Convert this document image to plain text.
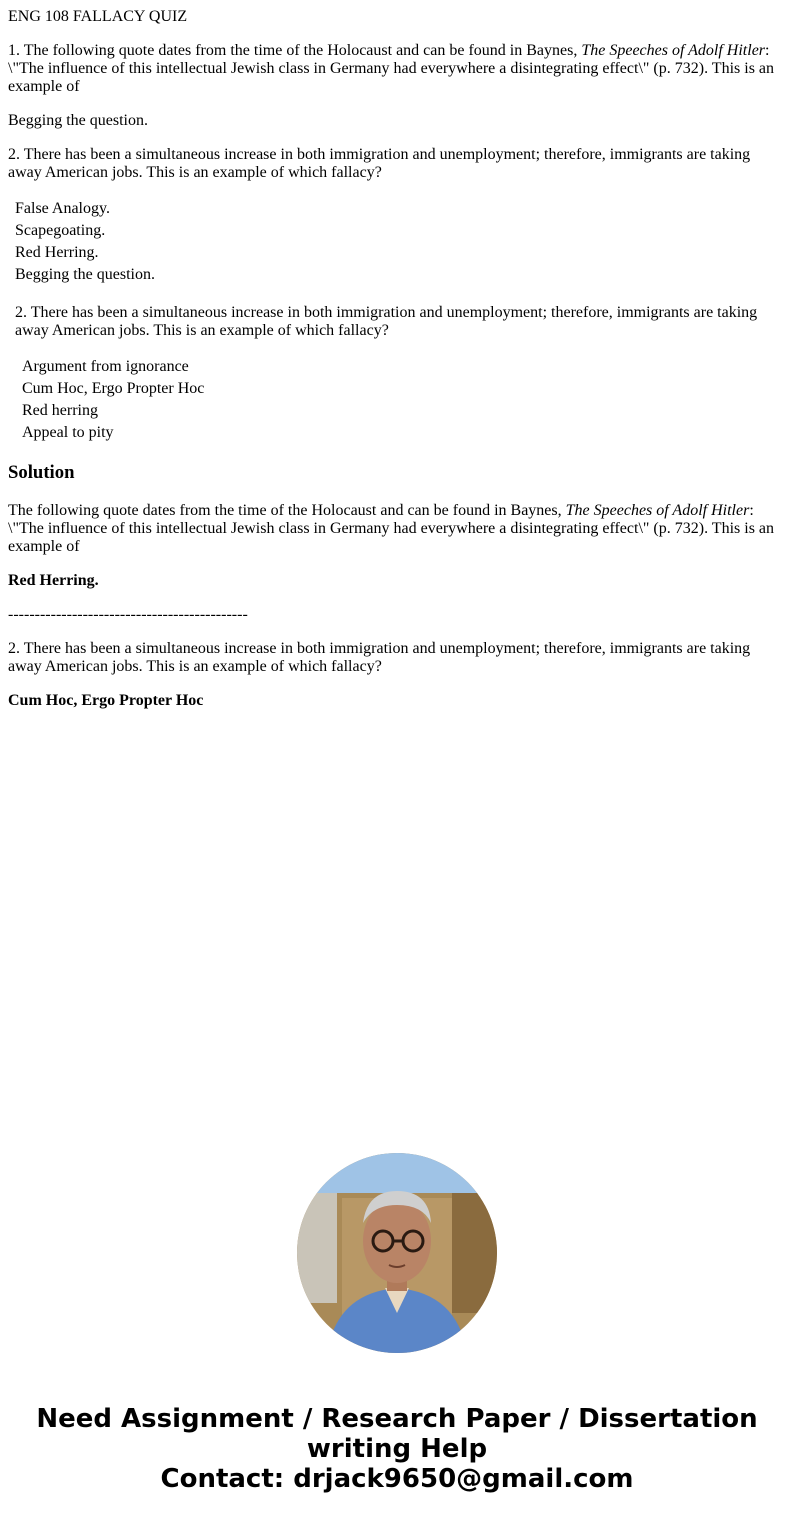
ENG 108 FALLACY QUIZ

1. The following quote dates from the time of the Holocaust and can be found in Baynes, The Speeches of Adolf Hitler: \"The influence of this intellectual Jewish class in Germany had everywhere a disintegrating effect\" (p. 732). This is an example of

Begging the question.

2. There has been a simultaneous increase in both immigration and unemployment; therefore, immigrants are taking away American jobs. This is an example of which fallacy?

False Analogy.
Scapegoating.
Red Herring.
Begging the question.

2. There has been a simultaneous increase in both immigration and unemployment; therefore, immigrants are taking away American jobs. This is an example of which fallacy?

Argument from ignorance
Cum Hoc, Ergo Propter Hoc
Red herring
Appeal to pity
Solution

The following quote dates from the time of the Holocaust and can be found in Baynes, The Speeches of Adolf Hitler: \"The influence of this intellectual Jewish class in Germany had everywhere a disintegrating effect\" (p. 732). This is an example of

Red Herring.

---------------------------------------------

2. There has been a simultaneous increase in both immigration and unemployment; therefore, immigrants are taking away American jobs. This is an example of which fallacy?

Cum Hoc, Ergo Propter Hoc

Need Assignment / Research Paper / Dissertation
writing Help
Contact: drjack9650@gmail.com
